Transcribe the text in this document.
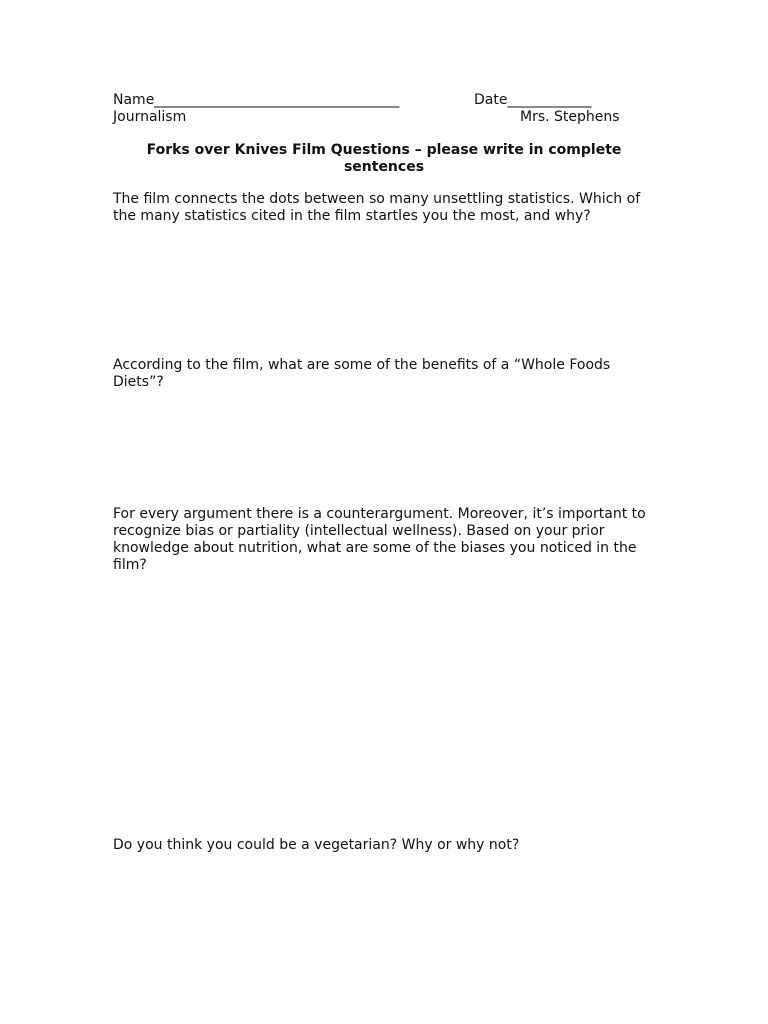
Name___________________________________	Date____________

Journalism	Mrs. Stephens

Forks over Knives Film Questions – please write in complete sentences

The film connects the dots between so many unsettling statistics. Which of the many statistics cited in the film startles you the most, and why?

According to the film, what are some of the benefits of a “Whole Foods Diets”?

For every argument there is a counterargument. Moreover, it’s important to recognize bias or partiality (intellectual wellness). Based on your prior knowledge about nutrition, what are some of the biases you noticed in the film?

Do you think you could be a vegetarian? Why or why not?
